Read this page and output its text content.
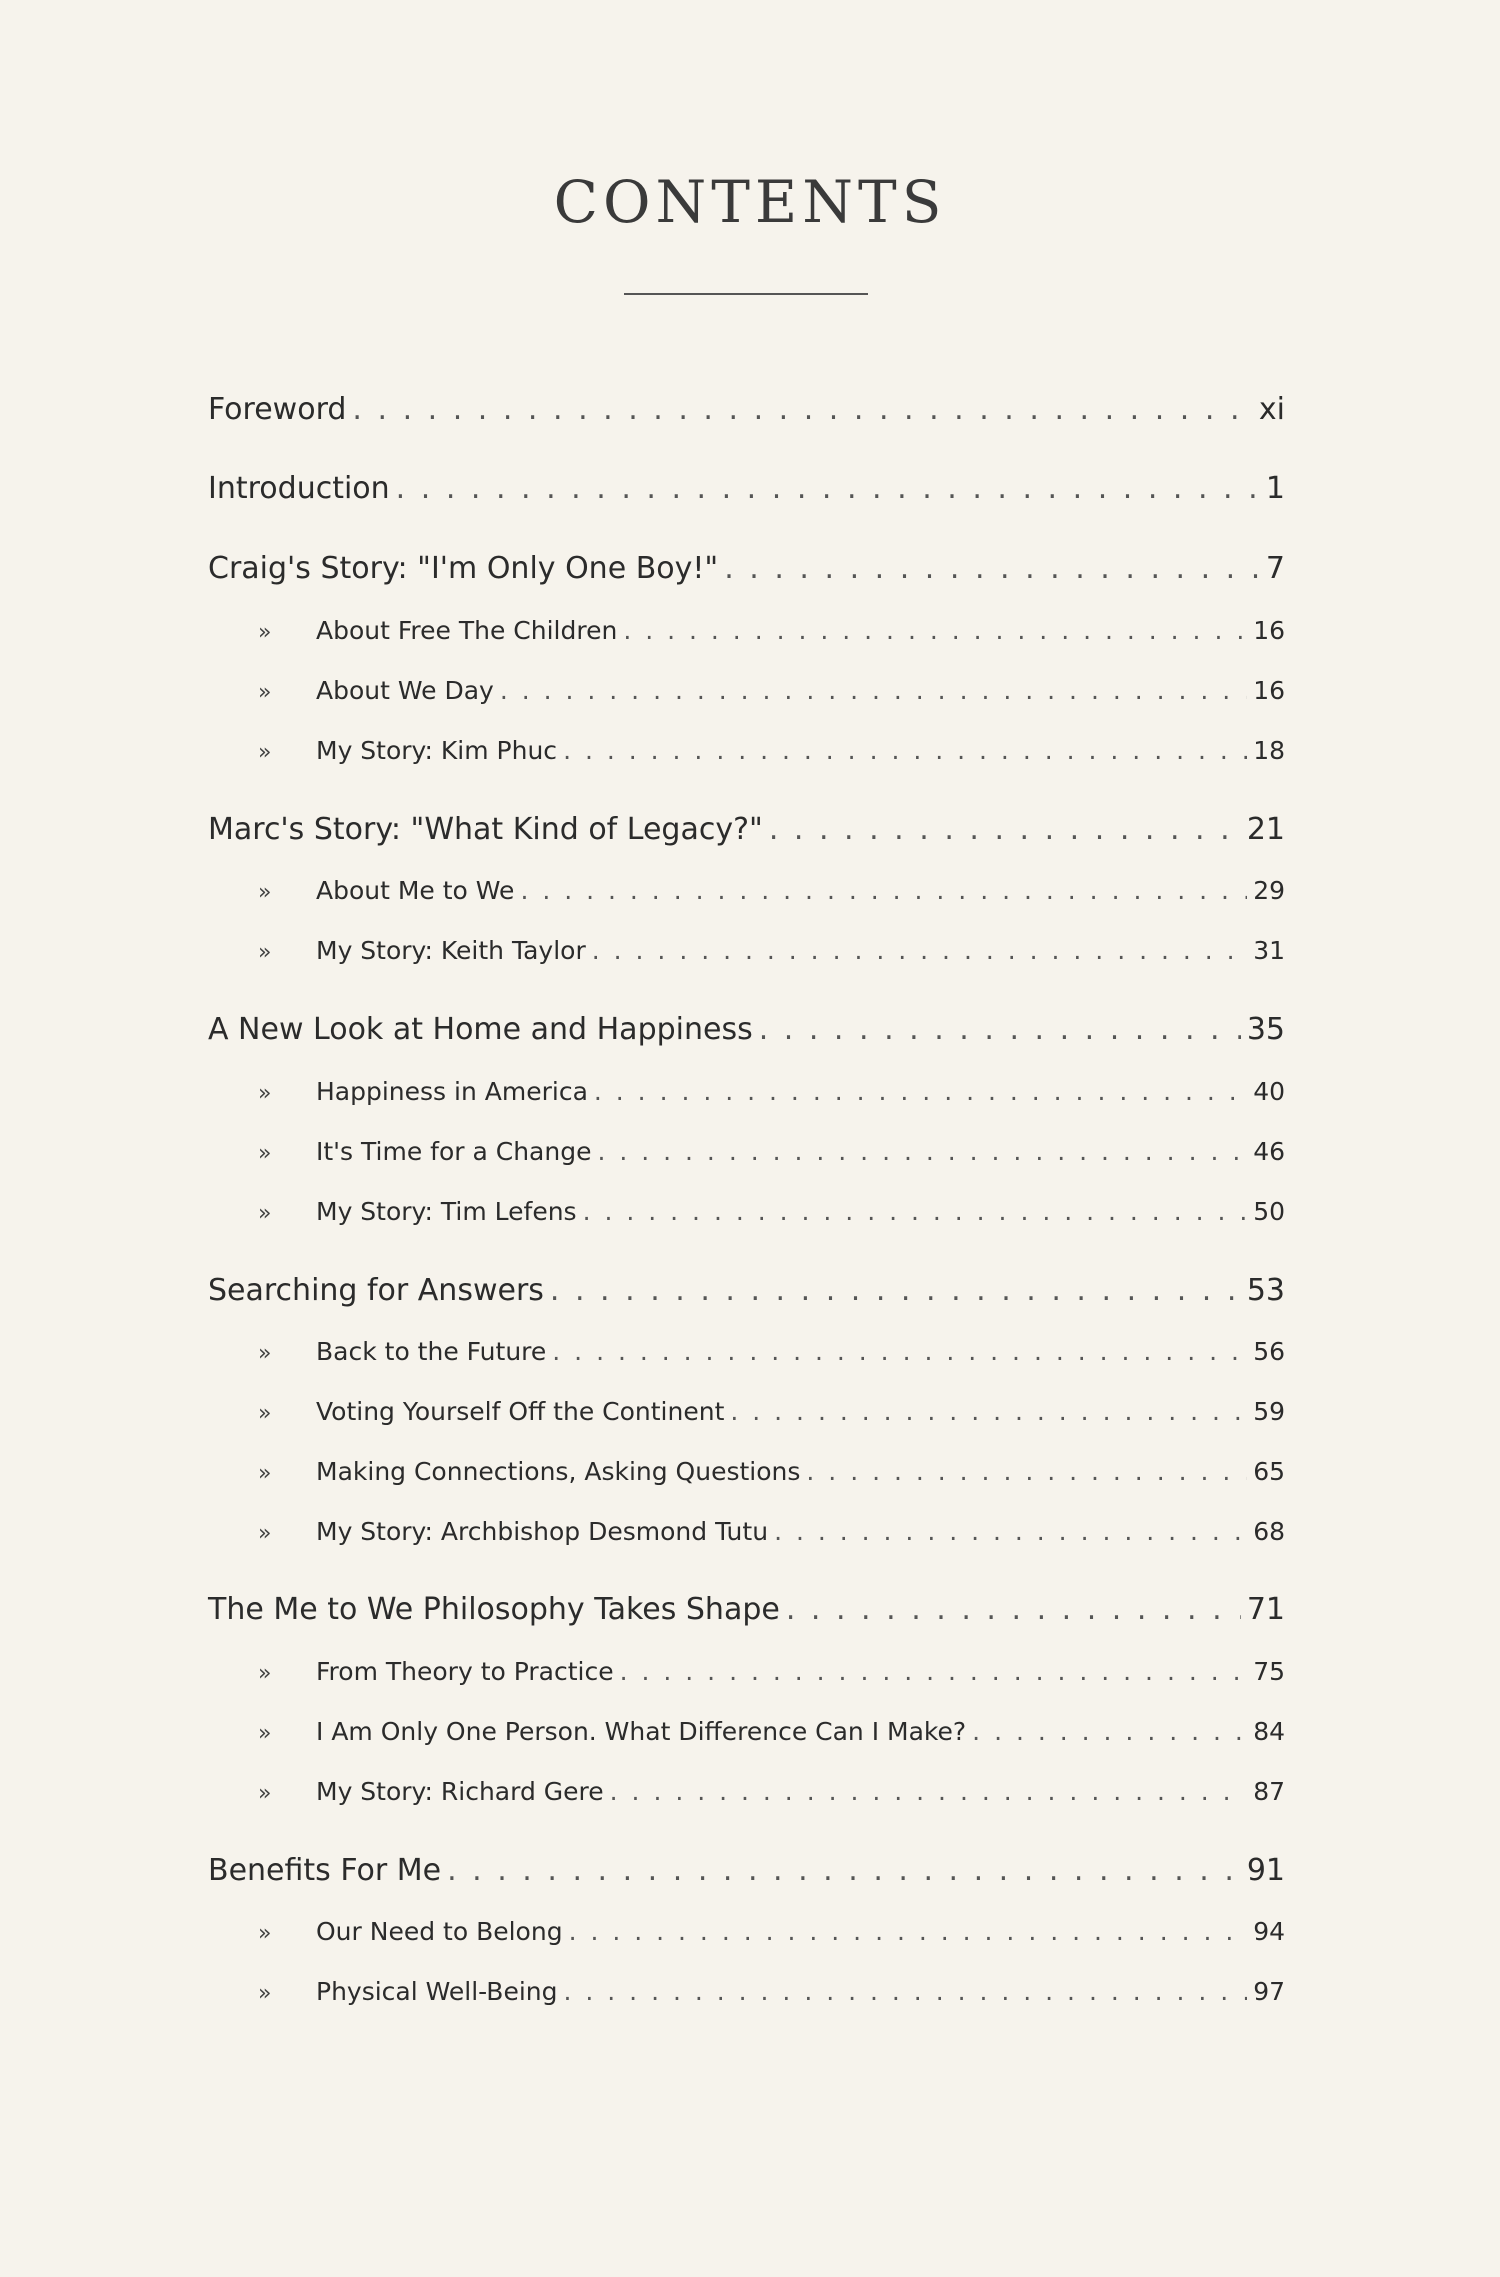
CONTENTS
Foreword . . .	xi
Introduction . . .	1
Craig's Story: "I'm Only One Boy!" . . .	7
»	About Free The Children . . .	16
»	About We Day . . .	16
»	My Story: Kim Phuc . . .	18
Marc's Story: "What Kind of Legacy?" . . .	21
»	About Me to We . . .	29
»	My Story: Keith Taylor . . .	31
A New Look at Home and Happiness . . .	35
»	Happiness in America . . .	40
»	It's Time for a Change . . .	46
»	My Story: Tim Lefens . . .	50
Searching for Answers . . .	53
»	Back to the Future . . .	56
»	Voting Yourself Off the Continent . . .	59
»	Making Connections, Asking Questions . . .	65
»	My Story: Archbishop Desmond Tutu . . .	68
The Me to We Philosophy Takes Shape . . .	71
»	From Theory to Practice . . .	75
»	I Am Only One Person. What Difference Can I Make? . . .	84
»	My Story: Richard Gere . . .	87
Benefits For Me . . .	91
»	Our Need to Belong . . .	94
»	Physical Well-Being . . .	97
